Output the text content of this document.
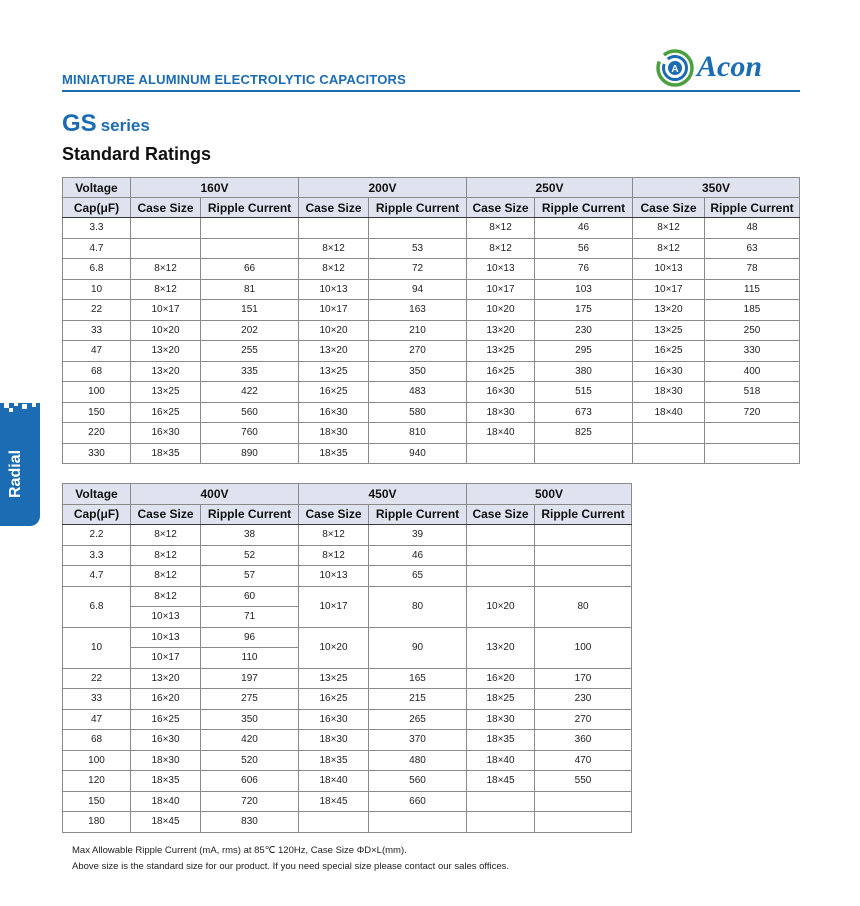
MINIATURE ALUMINUM ELECTROLYTIC CAPACITORS
A Acon
GS series
Standard Ratings
Radial
Voltage	160V		200V		250V		350V	
Cap(μF)	Case Size	Ripple Current	Case Size	Ripple Current	Case Size	Ripple Current	Case Size	Ripple Current
3.3					8×12	46	8×12	48
4.7			8×12	53	8×12	56	8×12	63
6.8	8×12	66	8×12	72	10×13	76	10×13	78
10	8×12	81	10×13	94	10×17	103	10×17	115
22	10×17	151	10×17	163	10×20	175	13×20	185
33	10×20	202	10×20	210	13×20	230	13×25	250
47	13×20	255	13×20	270	13×25	295	16×25	330
68	13×20	335	13×25	350	16×25	380	16×30	400
100	13×25	422	16×25	483	16×30	515	18×30	518
150	16×25	560	16×30	580	18×30	673	18×40	720
220	16×30	760	18×30	810	18×40	825		
330	18×35	890	18×35	940				
Voltage	400V		450V		500V	
Cap(μF)	Case Size	Ripple Current	Case Size	Ripple Current	Case Size	Ripple Current
2.2	8×12	38	8×12	39		
3.3	8×12	52	8×12	46		
4.7	8×12	57	10×13	65		
6.8	8×12	60	10×17	80	10×20	80
	10×13	71				
10	10×13	96	10×20	90	13×20	100
	10×17	110				
22	13×20	197	13×25	165	16×20	170
33	16×20	275	16×25	215	18×25	230
47	16×25	350	16×30	265	18×30	270
68	16×30	420	18×30	370	18×35	360
100	18×30	520	18×35	480	18×40	470
120	18×35	606	18×40	560	18×45	550
150	18×40	720	18×45	660		
180	18×45	830				
Max Allowable Ripple Current (mA, rms) at 85℃ 120Hz, Case Size ΦD×L(mm).
Above size is the standard size for our product. If you need special size please contact our sales offices.
